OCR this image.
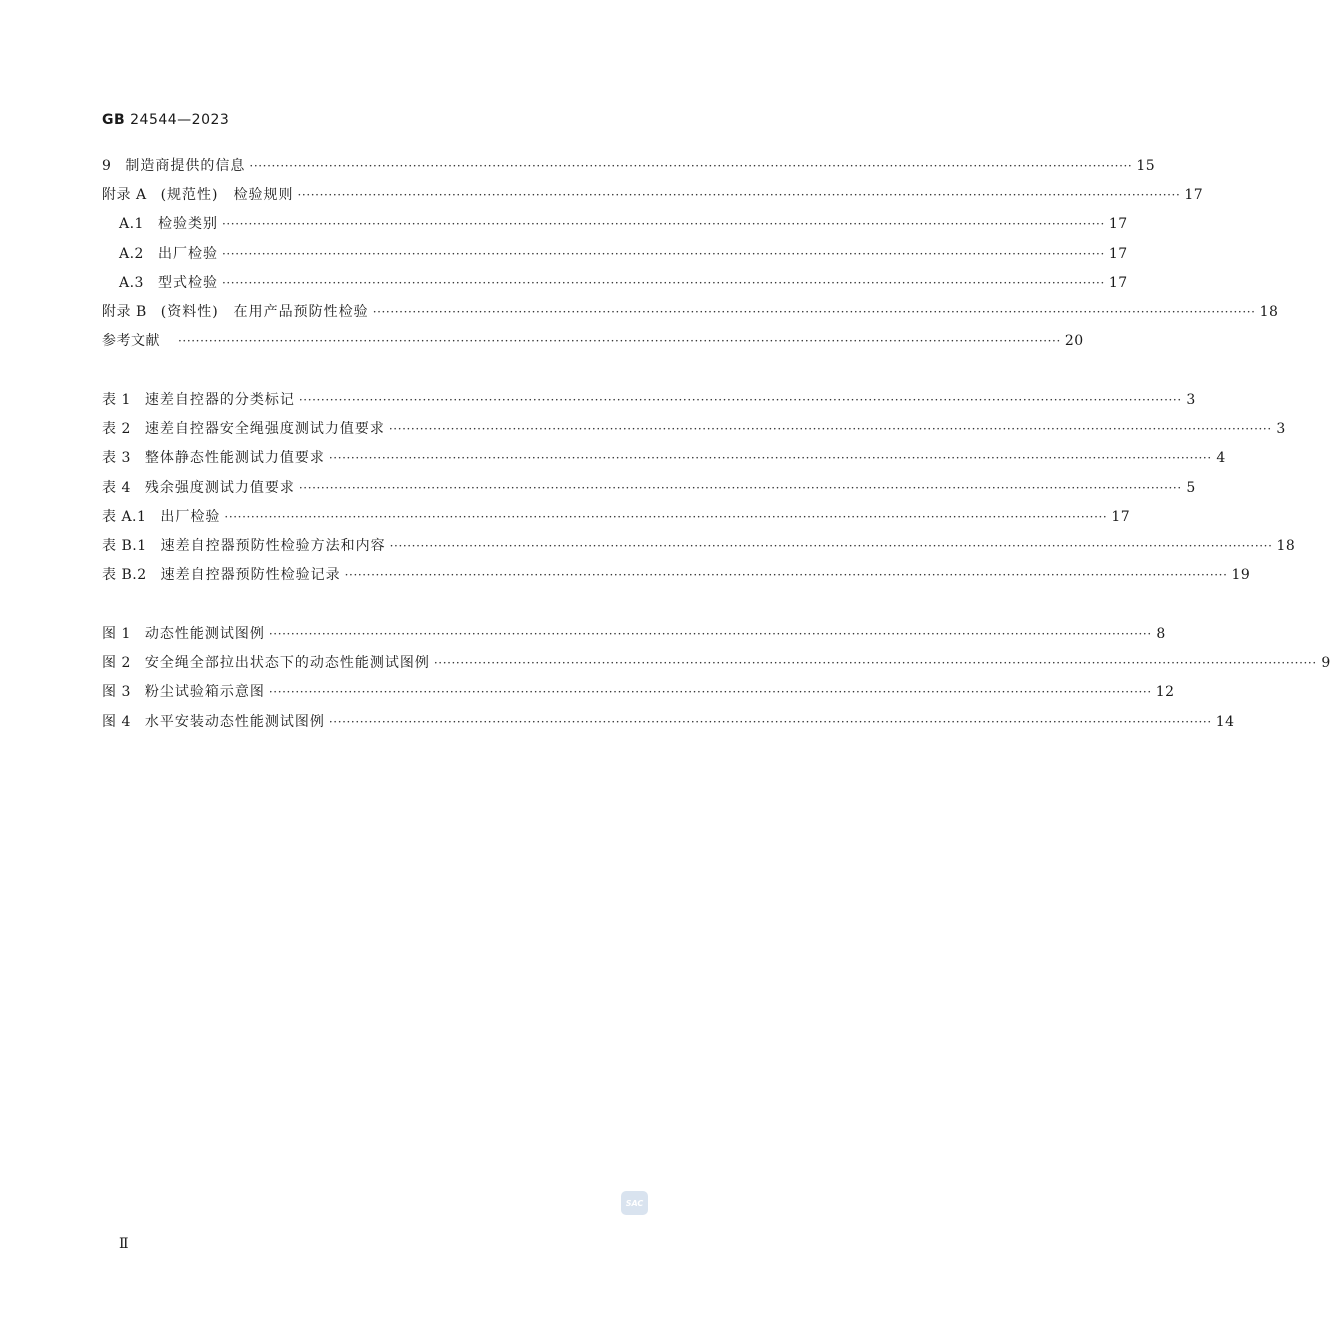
GB 24544—2023
9 制造商提供的信息 ········································································································································································································ 15
附录 A (规范性)　检验规则 ········································································································································································································ 17
A.1 检验类别 ········································································································································································································ 17
A.2 出厂检验 ········································································································································································································ 17
A.3 型式检验 ········································································································································································································ 17
附录 B (资料性)　在用产品预防性检验 ········································································································································································································ 18
参考文献 ········································································································································································································ 20
表 1 速差自控器的分类标记 ········································································································································································································ 3
表 2 速差自控器安全绳强度测试力值要求 ········································································································································································································ 3
表 3 整体静态性能测试力值要求 ········································································································································································································ 4
表 4 残余强度测试力值要求 ········································································································································································································ 5
表 A.1 出厂检验 ········································································································································································································ 17
表 B.1 速差自控器预防性检验方法和内容 ········································································································································································································ 18
表 B.2 速差自控器预防性检验记录 ········································································································································································································ 19
图 1 动态性能测试图例 ········································································································································································································ 8
图 2 安全绳全部拉出状态下的动态性能测试图例 ········································································································································································································ 9
图 3 粉尘试验箱示意图 ········································································································································································································ 12
图 4 水平安装动态性能测试图例 ········································································································································································································ 14
SAC
Ⅱ
